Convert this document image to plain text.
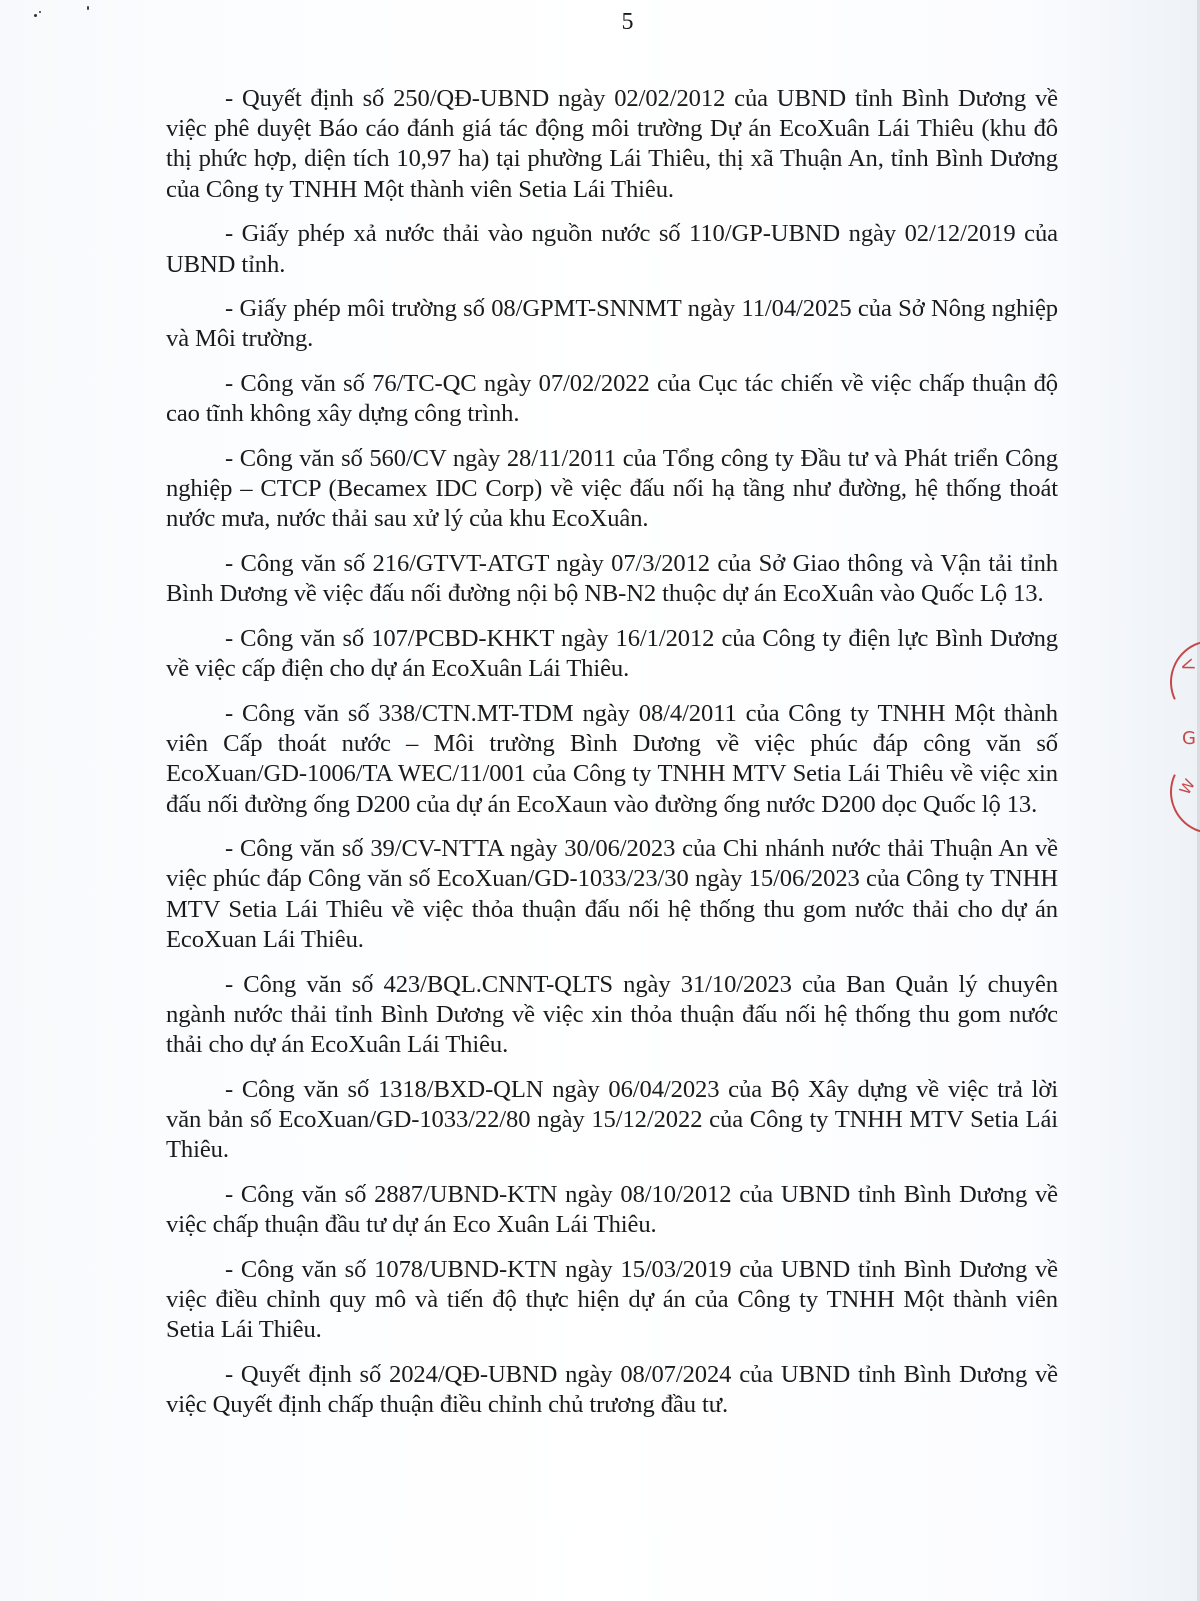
5

- Quyết định số 250/QĐ-UBND ngày 02/02/2012 của UBND tỉnh Bình Dương về việc phê duyệt Báo cáo đánh giá tác động môi trường Dự án EcoXuân Lái Thiêu (khu đô thị phức hợp, diện tích 10,97 ha) tại phường Lái Thiêu, thị xã Thuận An, tỉnh Bình Dương của Công ty TNHH Một thành viên Setia Lái Thiêu.

- Giấy phép xả nước thải vào nguồn nước số 110/GP-UBND ngày 02/12/2019 của UBND tỉnh.

- Giấy phép môi trường số 08/GPMT-SNNMT ngày 11/04/2025 của Sở Nông nghiệp và Môi trường.

- Công văn số 76/TC-QC ngày 07/02/2022 của Cục tác chiến về việc chấp thuận độ cao tĩnh không xây dựng công trình.

- Công văn số 560/CV ngày 28/11/2011 của Tổng công ty Đầu tư và Phát triển Công nghiệp – CTCP (Becamex IDC Corp) về việc đấu nối hạ tầng như đường, hệ thống thoát nước mưa, nước thải sau xử lý của khu EcoXuân.

- Công văn số 216/GTVT-ATGT ngày 07/3/2012 của Sở Giao thông và Vận tải tỉnh Bình Dương về việc đấu nối đường nội bộ NB-N2 thuộc dự án EcoXuân vào Quốc Lộ 13.

- Công văn số 107/PCBD-KHKT ngày 16/1/2012 của Công ty điện lực Bình Dương về việc cấp điện cho dự án EcoXuân Lái Thiêu.

- Công văn số 338/CTN.MT-TDM ngày 08/4/2011 của Công ty TNHH Một thành viên Cấp thoát nước – Môi trường Bình Dương về việc phúc đáp công văn số EcoXuan/GD-1006/TA WEC/11/001 của Công ty TNHH MTV Setia Lái Thiêu về việc xin đấu nối đường ống D200 của dự án EcoXaun vào đường ống nước D200 dọc Quốc lộ 13.

- Công văn số 39/CV-NTTA ngày 30/06/2023 của Chi nhánh nước thải Thuận An về việc phúc đáp Công văn số EcoXuan/GD-1033/23/30 ngày 15/06/2023 của Công ty TNHH MTV Setia Lái Thiêu về việc thỏa thuận đấu nối hệ thống thu gom nước thải cho dự án EcoXuan Lái Thiêu.

- Công văn số 423/BQL.CNNT-QLTS ngày 31/10/2023 của Ban Quản lý chuyên ngành nước thải tỉnh Bình Dương về việc xin thỏa thuận đấu nối hệ thống thu gom nước thải cho dự án EcoXuân Lái Thiêu.

- Công văn số 1318/BXD-QLN ngày 06/04/2023 của Bộ Xây dựng về việc trả lời văn bản số EcoXuan/GD-1033/22/80 ngày 15/12/2022 của Công ty TNHH MTV Setia Lái Thiêu.

- Công văn số 2887/UBND-KTN ngày 08/10/2012 của UBND tỉnh Bình Dương về việc chấp thuận đầu tư dự án Eco Xuân Lái Thiêu.

- Công văn số 1078/UBND-KTN ngày 15/03/2019 của UBND tỉnh Bình Dương về việc điều chỉnh quy mô và tiến độ thực hiện dự án của Công ty TNHH Một thành viên Setia Lái Thiêu.

- Quyết định số 2024/QĐ-UBND ngày 08/07/2024 của UBND tỉnh Bình Dương về việc Quyết định chấp thuận điều chỉnh chủ trương đầu tư.

V
G
W
